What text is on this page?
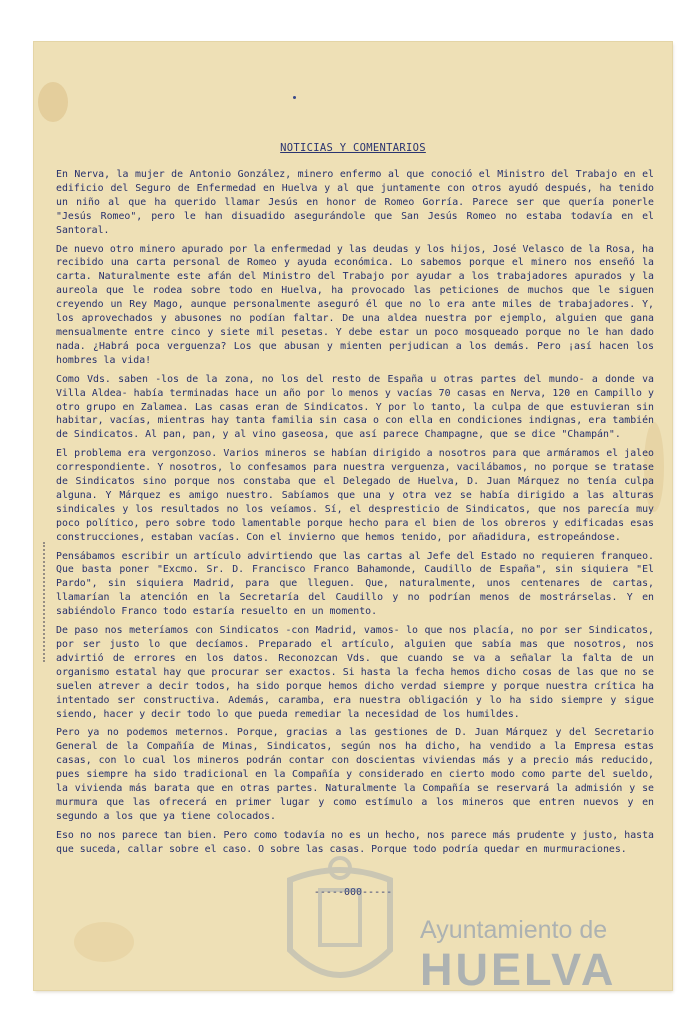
NOTICIAS Y COMENTARIOS

En Nerva, la mujer de Antonio González, minero enfermo al que conoció el Ministro del Trabajo en el edificio del Seguro de Enfermedad en Huelva y al que juntamente con otros ayudó después, ha tenido un niño al que ha querido llamar Jesús en honor de Romeo Gorría. Parece ser que quería ponerle "Jesús Romeo", pero le han disuadido asegurándole que San Jesús Romeo no estaba todavía en el Santoral.

De nuevo otro minero apurado por la enfermedad y las deudas y los hijos, José Velasco de la Rosa, ha recibido una carta personal de Romeo y ayuda económica. Lo sabemos porque el minero nos enseñó la carta. Naturalmente este afán del Ministro del Trabajo por ayudar a los trabajadores apurados y la aureola que le rodea sobre todo en Huelva, ha provocado las peticiones de muchos que le siguen creyendo un Rey Mago, aunque personalmente aseguró él que no lo era ante miles de trabajadores. Y, los aprovechados y abusones no podían faltar. De una aldea nuestra por ejemplo, alguien que gana mensualmente entre cinco y siete mil pesetas. Y debe estar un poco mosqueado porque no le han dado nada. ¿Habrá poca verguenza? Los que abusan y mienten perjudican a los demás. Pero ¡así hacen los hombres la vida!

Como Vds. saben -los de la zona, no los del resto de España u otras partes del mundo- a donde va Villa Aldea- había terminadas hace un año por lo menos y vacías 70 casas en Nerva, 120 en Campillo y otro grupo en Zalamea. Las casas eran de Sindicatos. Y por lo tanto, la culpa de que estuvieran sin habitar, vacías, mientras hay tanta familia sin casa o con ella en condiciones indignas, era también de Sindicatos. Al pan, pan, y al vino gaseosa, que así parece Champagne, que se dice "Champán".

El problema era vergonzoso. Varios mineros se habían dirigido a nosotros para que armáramos el jaleo correspondiente. Y nosotros, lo confesamos para nuestra verguenza, vacilábamos, no porque se tratase de Sindicatos sino porque nos constaba que el Delegado de Huelva, D. Juan Márquez no tenía culpa alguna. Y Márquez es amigo nuestro. Sabíamos que una y otra vez se había dirigido a las alturas sindicales y los resultados no los veíamos. Sí, el despresticio de Sindicatos, que nos parecía muy poco político, pero sobre todo lamentable porque hecho para el bien de los obreros y edificadas esas construcciones, estaban vacías. Con el invierno que hemos tenido, por añadidura, estropeándose.

Pensábamos escribir un artículo advirtiendo que las cartas al Jefe del Estado no requieren franqueo. Que basta poner "Excmo. Sr. D. Francisco Franco Bahamonde, Caudillo de España", sin siquiera "El Pardo", sin siquiera Madrid, para que lleguen. Que, naturalmente, unos centenares de cartas, llamarían la atención en la Secretaría del Caudillo y no podrían menos de mostrárselas. Y en sabiéndolo Franco todo estaría resuelto en un momento.

De paso nos meteríamos con Sindicatos -con Madrid, vamos- lo que nos placía, no por ser Sindicatos, por ser justo lo que decíamos. Preparado el artículo, alguien que sabía mas que nosotros, nos advirtió de errores en los datos. Reconozcan Vds. que cuando se va a señalar la falta de un organismo estatal hay que procurar ser exactos. Si hasta la fecha hemos dicho cosas de las que no se suelen atrever a decir todos, ha sido porque hemos dicho verdad siempre y porque nuestra crítica ha intentado ser constructiva. Además, caramba, era nuestra obligación y lo ha sido siempre y sigue siendo, hacer y decir todo lo que pueda remediar la necesidad de los humildes.

Pero ya no podemos meternos. Porque, gracias a las gestiones de D. Juan Márquez y del Secretario General de la Compañía de Minas, Sindicatos, según nos ha dicho, ha vendido a la Empresa estas casas, con lo cual los mineros podrán contar con doscientas viviendas más y a precio más reducido, pues siempre ha sido tradicional en la Compañía y considerado en cierto modo como parte del sueldo, la vivienda más barata que en otras partes. Naturalmente la Compañía se reservará la admisión y se murmura que las ofrecerá en primer lugar y como estímulo a los mineros que entren nuevos y en segundo a los que ya tiene colocados.

Eso no nos parece tan bien. Pero como todavía no es un hecho, nos parece más prudente y justo, hasta que suceda, callar sobre el caso. O sobre las casas. Porque todo podría quedar en murmuraciones.

-----000-----
Ayuntamiento de
HUELVA
